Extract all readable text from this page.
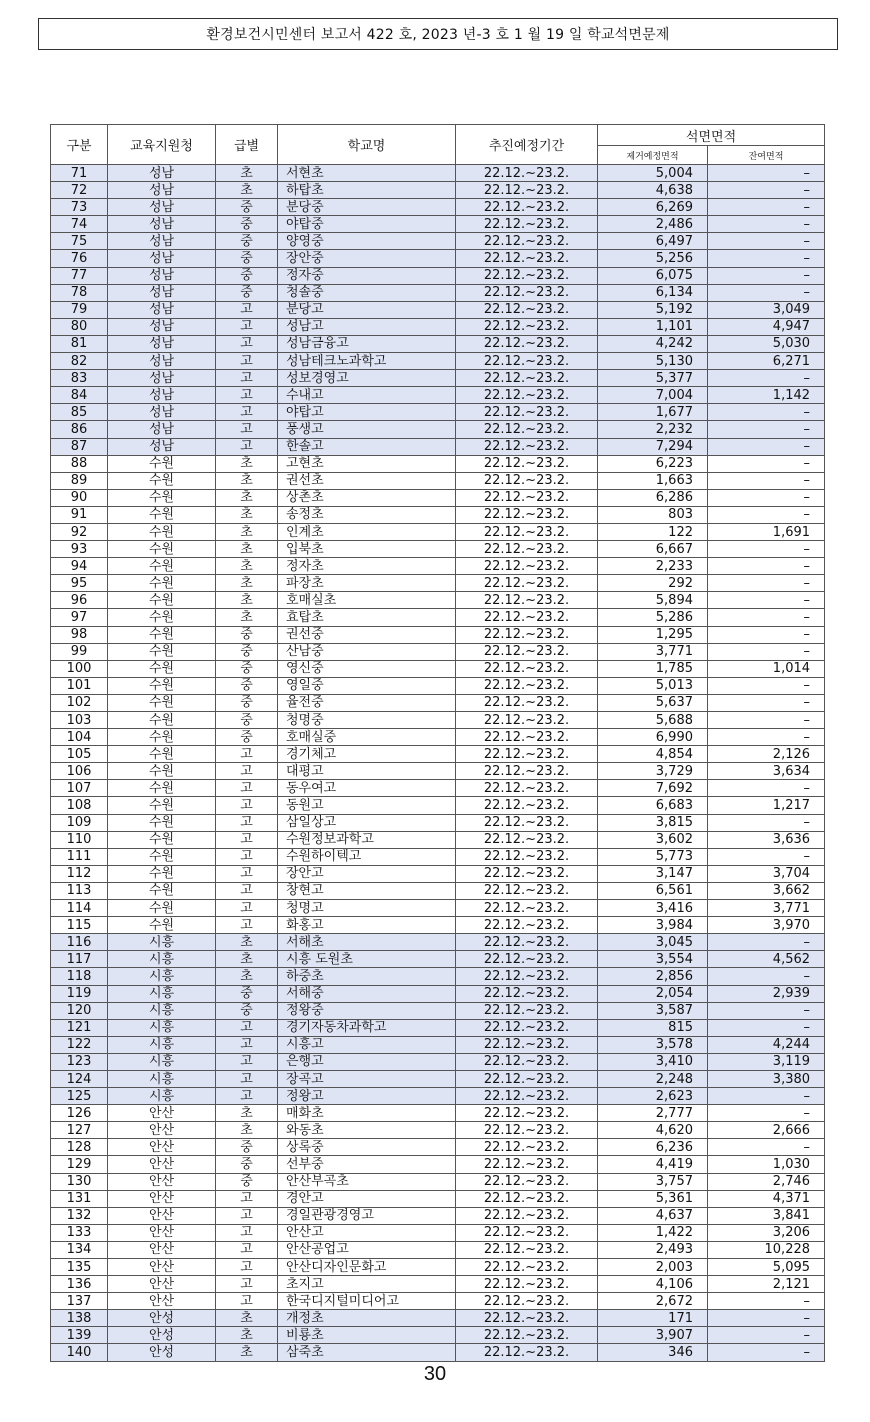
환경보건시민센터 보고서 422 호, 2023 년-3 호 1 월 19 일 학교석면문제
구분	교육지원청	급별	학교명	추진예정기간	석면면적	
					제거예정면적	잔여면적
71	성남	초	서현초	22.12.~23.2.	5,004	–
72	성남	초	하탑초	22.12.~23.2.	4,638	–
73	성남	중	분당중	22.12.~23.2.	6,269	–
74	성남	중	야탑중	22.12.~23.2.	2,486	–
75	성남	중	양영중	22.12.~23.2.	6,497	–
76	성남	중	장안중	22.12.~23.2.	5,256	–
77	성남	중	정자중	22.12.~23.2.	6,075	–
78	성남	중	청솔중	22.12.~23.2.	6,134	–
79	성남	고	분당고	22.12.~23.2.	5,192	3,049
80	성남	고	성남고	22.12.~23.2.	1,101	4,947
81	성남	고	성남금융고	22.12.~23.2.	4,242	5,030
82	성남	고	성남테크노과학고	22.12.~23.2.	5,130	6,271
83	성남	고	성보경영고	22.12.~23.2.	5,377	–
84	성남	고	수내고	22.12.~23.2.	7,004	1,142
85	성남	고	야탑고	22.12.~23.2.	1,677	–
86	성남	고	풍생고	22.12.~23.2.	2,232	–
87	성남	고	한솔고	22.12.~23.2.	7,294	–
88	수원	초	고현초	22.12.~23.2.	6,223	–
89	수원	초	권선초	22.12.~23.2.	1,663	–
90	수원	초	상촌초	22.12.~23.2.	6,286	–
91	수원	초	송정초	22.12.~23.2.	803	–
92	수원	초	인계초	22.12.~23.2.	122	1,691
93	수원	초	입북초	22.12.~23.2.	6,667	–
94	수원	초	정자초	22.12.~23.2.	2,233	–
95	수원	초	파장초	22.12.~23.2.	292	–
96	수원	초	호매실초	22.12.~23.2.	5,894	–
97	수원	초	효탑초	22.12.~23.2.	5,286	–
98	수원	중	권선중	22.12.~23.2.	1,295	–
99	수원	중	산남중	22.12.~23.2.	3,771	–
100	수원	중	영신중	22.12.~23.2.	1,785	1,014
101	수원	중	영일중	22.12.~23.2.	5,013	–
102	수원	중	율전중	22.12.~23.2.	5,637	–
103	수원	중	청명중	22.12.~23.2.	5,688	–
104	수원	중	호매실중	22.12.~23.2.	6,990	–
105	수원	고	경기체고	22.12.~23.2.	4,854	2,126
106	수원	고	대평고	22.12.~23.2.	3,729	3,634
107	수원	고	동우여고	22.12.~23.2.	7,692	–
108	수원	고	동원고	22.12.~23.2.	6,683	1,217
109	수원	고	삼일상고	22.12.~23.2.	3,815	–
110	수원	고	수원정보과학고	22.12.~23.2.	3,602	3,636
111	수원	고	수원하이텍고	22.12.~23.2.	5,773	–
112	수원	고	장안고	22.12.~23.2.	3,147	3,704
113	수원	고	창현고	22.12.~23.2.	6,561	3,662
114	수원	고	청명고	22.12.~23.2.	3,416	3,771
115	수원	고	화홍고	22.12.~23.2.	3,984	3,970
116	시흥	초	서해초	22.12.~23.2.	3,045	–
117	시흥	초	시흥 도원초	22.12.~23.2.	3,554	4,562
118	시흥	초	하중초	22.12.~23.2.	2,856	–
119	시흥	중	서해중	22.12.~23.2.	2,054	2,939
120	시흥	중	정왕중	22.12.~23.2.	3,587	–
121	시흥	고	경기자동차과학고	22.12.~23.2.	815	–
122	시흥	고	시흥고	22.12.~23.2.	3,578	4,244
123	시흥	고	은행고	22.12.~23.2.	3,410	3,119
124	시흥	고	장곡고	22.12.~23.2.	2,248	3,380
125	시흥	고	정왕고	22.12.~23.2.	2,623	–
126	안산	초	매화초	22.12.~23.2.	2,777	–
127	안산	초	와동초	22.12.~23.2.	4,620	2,666
128	안산	중	상록중	22.12.~23.2.	6,236	–
129	안산	중	선부중	22.12.~23.2.	4,419	1,030
130	안산	중	안산부곡초	22.12.~23.2.	3,757	2,746
131	안산	고	경안고	22.12.~23.2.	5,361	4,371
132	안산	고	경일관광경영고	22.12.~23.2.	4,637	3,841
133	안산	고	안산고	22.12.~23.2.	1,422	3,206
134	안산	고	안산공업고	22.12.~23.2.	2,493	10,228
135	안산	고	안산디자인문화고	22.12.~23.2.	2,003	5,095
136	안산	고	초지고	22.12.~23.2.	4,106	2,121
137	안산	고	한국디지털미디어고	22.12.~23.2.	2,672	–
138	안성	초	개정초	22.12.~23.2.	171	–
139	안성	초	비룡초	22.12.~23.2.	3,907	–
140	안성	초	삼죽초	22.12.~23.2.	346	–
30
